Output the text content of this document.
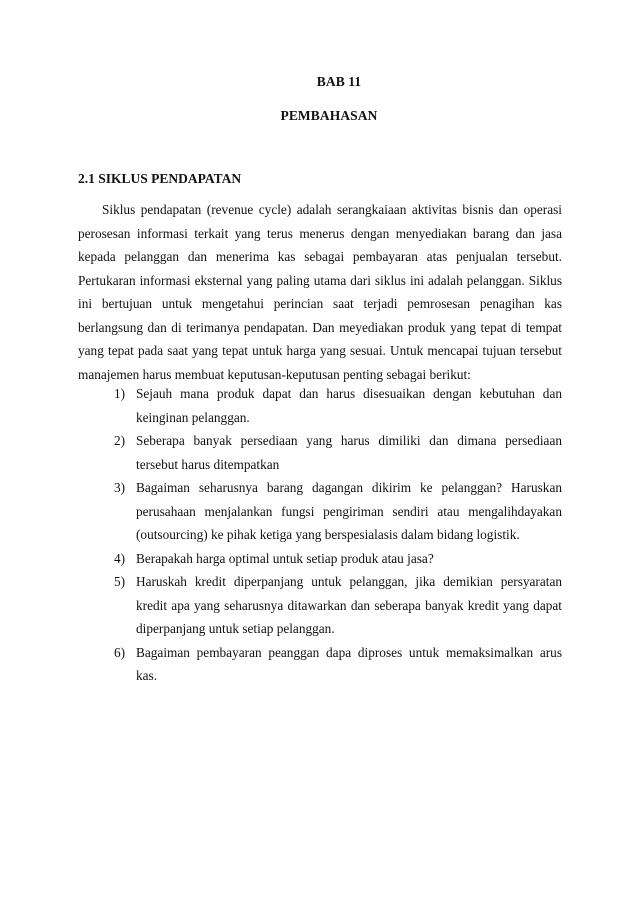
BAB 11
PEMBAHASAN
2.1 SIKLUS PENDAPATAN

Siklus pendapatan (revenue cycle) adalah serangkaiaan aktivitas bisnis dan operasi perosesan informasi terkait yang terus menerus dengan menyediakan barang dan jasa kepada pelanggan dan menerima kas sebagai pembayaran atas penjualan tersebut. Pertukaran informasi eksternal yang paling utama dari siklus ini adalah pelanggan. Siklus ini bertujuan untuk mengetahui perincian saat terjadi pemrosesan penagihan kas berlangsung dan di terimanya pendapatan. Dan meyediakan produk yang tepat di tempat yang tepat pada saat yang tepat untuk harga yang sesuai. Untuk mencapai tujuan tersebut manajemen harus membuat keputusan-keputusan penting sebagai berikut:

1) Sejauh mana produk dapat dan harus disesuaikan dengan kebutuhan dan keinginan pelanggan.
2) Seberapa banyak persediaan yang harus dimiliki dan dimana persediaan tersebut harus ditempatkan
3) Bagaiman seharusnya barang dagangan dikirim ke pelanggan? Haruskan perusahaan menjalankan fungsi pengiriman sendiri atau mengalihdayakan (outsourcing) ke pihak ketiga yang berspesialasis dalam bidang logistik.
4) Berapakah harga optimal untuk setiap produk atau jasa?
5) Haruskah kredit diperpanjang untuk pelanggan, jika demikian persyaratan kredit apa yang seharusnya ditawarkan dan seberapa banyak kredit yang dapat diperpanjang untuk setiap pelanggan.
6) Bagaiman pembayaran peanggan dapa diproses untuk memaksimalkan arus kas.
